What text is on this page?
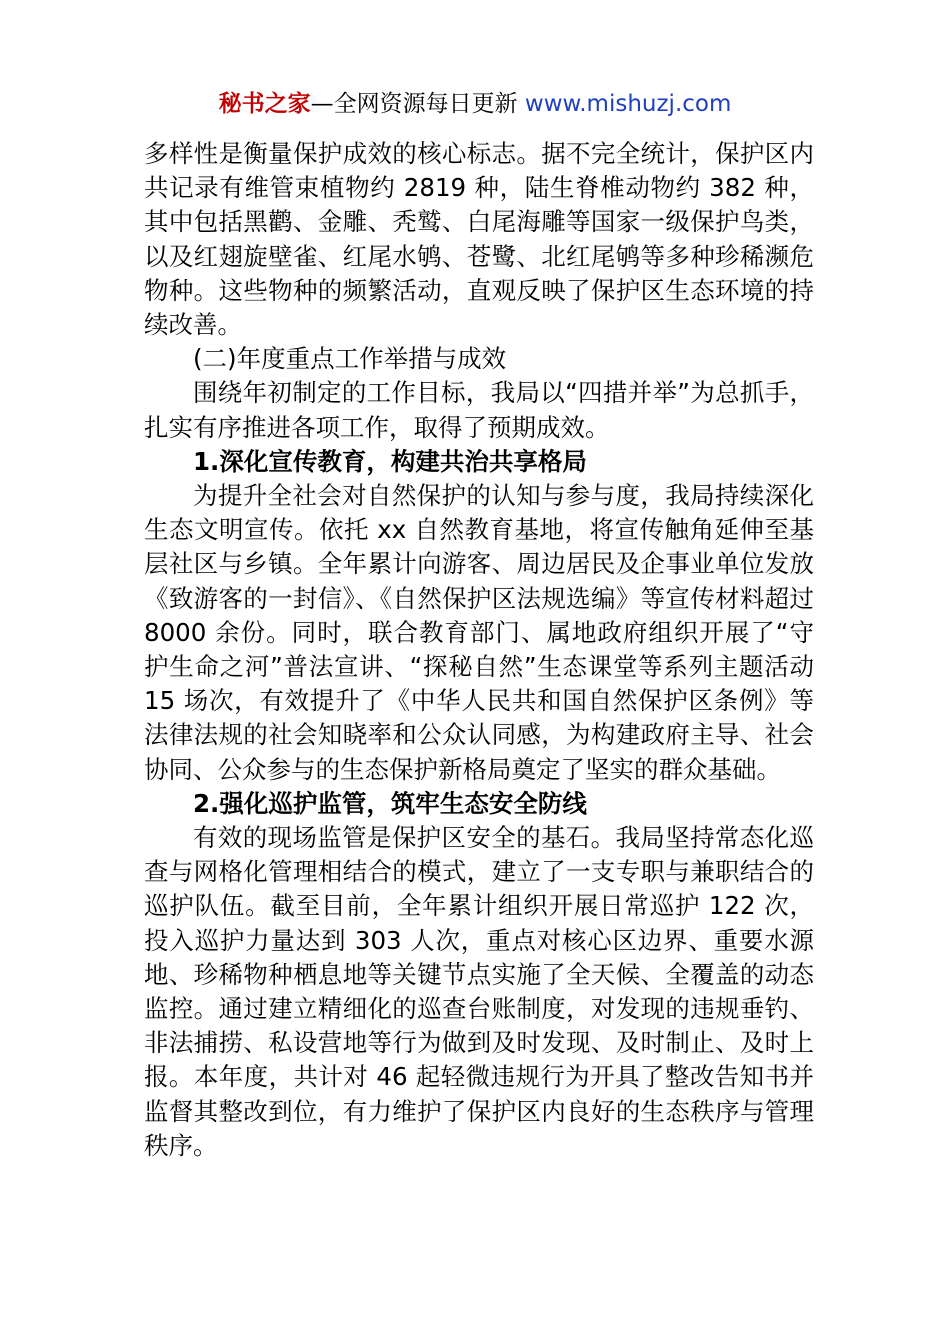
秘书之家—全网资源每日更新 www.mishuzj.com

多样性是衡量保护成效的核心标志。据不完全统计，保护区内共记录有维管束植物约 2819 种，陆生脊椎动物约 382 种，其中包括黑鹳、金雕、秃鹫、白尾海雕等国家一级保护鸟类，以及红翅旋壁雀、红尾水鸲、苍鹭、北红尾鸲等多种珍稀濒危物种。这些物种的频繁活动，直观反映了保护区生态环境的持续改善。

(二)年度重点工作举措与成效

围绕年初制定的工作目标，我局以“四措并举”为总抓手，扎实有序推进各项工作，取得了预期成效。

1.深化宣传教育，构建共治共享格局

为提升全社会对自然保护的认知与参与度，我局持续深化生态文明宣传。依托 xx 自然教育基地，将宣传触角延伸至基层社区与乡镇。全年累计向游客、周边居民及企事业单位发放《致游客的一封信》、《自然保护区法规选编》等宣传材料超过 8000 余份。同时，联合教育部门、属地政府组织开展了“守护生命之河”普法宣讲、“探秘自然”生态课堂等系列主题活动 15 场次，有效提升了《中华人民共和国自然保护区条例》等法律法规的社会知晓率和公众认同感，为构建政府主导、社会协同、公众参与的生态保护新格局奠定了坚实的群众基础。

2.强化巡护监管，筑牢生态安全防线

有效的现场监管是保护区安全的基石。我局坚持常态化巡查与网格化管理相结合的模式，建立了一支专职与兼职结合的巡护队伍。截至目前，全年累计组织开展日常巡护 122 次，投入巡护力量达到 303 人次，重点对核心区边界、重要水源地、珍稀物种栖息地等关键节点实施了全天候、全覆盖的动态监控。通过建立精细化的巡查台账制度，对发现的违规垂钓、非法捕捞、私设营地等行为做到及时发现、及时制止、及时上报。本年度，共计对 46 起轻微违规行为开具了整改告知书并监督其整改到位，有力维护了保护区内良好的生态秩序与管理秩序。
